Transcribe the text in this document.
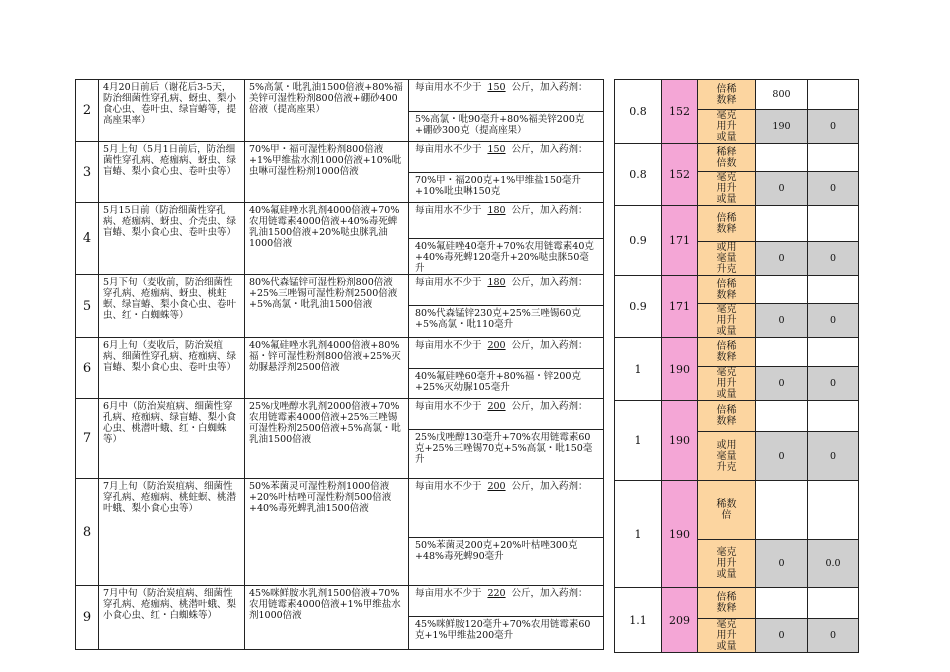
2	4月20日前后（谢花后3-5天，防治细菌性穿孔病、蚜虫、梨小食心虫、卷叶虫、绿盲蝽等，提高座果率）	5%高氯・吡乳油1500倍液+80%福美锌可湿性粉剂800倍液+硼砂400倍液（提高座果）	每亩用水不少于 150 公斤，加入药剂：

			5%高氯・吡90毫升+80%福美锌200克+硼砂300克（提高座果）
3	5月上旬（5月1日前后，防治细菌性穿孔病、疮痂病、蚜虫、绿盲蝽、梨小食心虫、卷叶虫等）	70%甲・福可湿性粉剂800倍液+1%甲维盐水剂1000倍液+10%吡虫啉可湿性粉剂1000倍液	每亩用水不少于 150 公斤，加入药剂：

			70%甲・福200克+1%甲维盐150毫升+10%吡虫啉150克
4	5月15日前（防治细菌性穿孔病、疮痂病、蚜虫、介壳虫、绿盲蝽、梨小食心虫、卷叶虫等）	40%氟硅唑水乳剂4000倍液+70%农用链霉素4000倍液+40%毒死蜱乳油1500倍液+20%哒虫脒乳油1000倍液	每亩用水不少于 180 公斤，加入药剂：

			40%氟硅唑40毫升+70%农用链霉素40克+40%毒死蜱120毫升+20%哒虫脒50毫升
5	5月下旬（麦收前，防治细菌性穿孔病、疮痂病、蚜虫、桃蛀螟、绿盲蝽、梨小食心虫、卷叶虫、红・白蜘蛛等）	80%代森锰锌可湿性粉剂800倍液+25%三唑锡可湿性粉剂2500倍液+5%高氯・吡乳油1500倍液	每亩用水不少于 180 公斤，加入药剂：

			80%代森锰锌230克+25%三唑锡60克+5%高氯・吡110毫升
6	6月上旬（麦收后，防治炭疽病、细菌性穿孔病、疮痂病、绿盲蝽、梨小食心虫、卷叶虫等）	40%氟硅唑水乳剂4000倍液+80%福・锌可湿性粉剂800倍液+25%灭幼脲悬浮剂2500倍液	每亩用水不少于 200 公斤，加入药剂：

			40%氟硅唑60毫升+80%福・锌200克+25%灭幼脲105毫升
7	6月中（防治炭疽病、细菌性穿孔病、疮痂病、绿盲蝽、梨小食心虫、桃潜叶蛾、红・白蜘蛛等）	25%戊唑醇水乳剂2000倍液+70%农用链霉素4000倍液+25%三唑锡可湿性粉剂2500倍液+5%高氯・吡乳油1500倍液	每亩用水不少于 200 公斤，加入药剂：

			25%戊唑醇130毫升+70%农用链霉素60克+25%三唑锡70克+5%高氯・吡150毫升
8	7月上旬（防治炭疽病、细菌性穿孔病、疮痂病、桃蛀螟、桃潜叶蛾、梨小食心虫等）	50%苯菌灵可湿性粉剂1000倍液+20%叶枯唑可湿性粉剂500倍液+40%毒死蜱乳油1500倍液	每亩用水不少于 200 公斤，加入药剂：

			50%苯菌灵200克+20%叶枯唑300克+48%毒死蜱90毫升
9	7月中旬（防治炭疽病、细菌性穿孔病、疮痂病、桃潜叶蛾、梨小食心虫、红・白蜘蛛等）	45%咪鲜胺水乳剂1500倍液+70%农用链霉素4000倍液+1%甲维盐水剂1000倍液	每亩用水不少于 220 公斤，加入药剂：

			45%咪鲜胺120毫升+70%农用链霉素60克+1%甲维盐200毫升
0.8	152	倍稀数释	800	
		毫克用升或量	190	0
0.8	152	稀释倍数		
		毫克用升或量	0	0
0.9	171	倍稀数释		
		或用毫量升克	0	0
0.9	171	倍稀数释		
		毫克用升或量	0	0
1	190	倍稀数释		
		毫克用升或量	0	0
1	190	倍稀数释		
		或用毫量升克	0	0
1	190	稀数倍		
		毫克用升或量	0	0.0
1.1	209	倍稀数释		
		毫克用升或量	0	0
